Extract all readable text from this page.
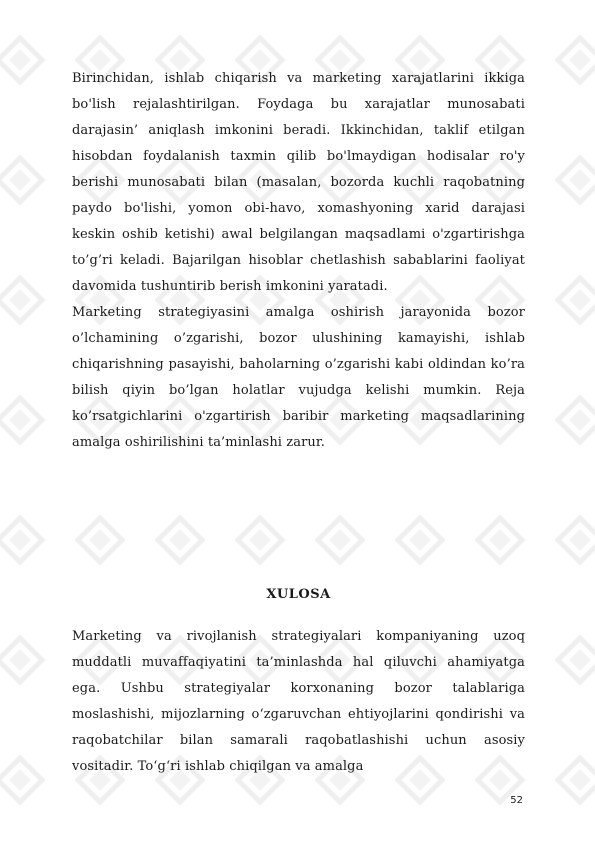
Birinchidan, ishlab chiqarish va marketing xarajatlarini ikkiga bo'lish rejalashtirilgan. Foydaga bu xarajatlar munosabati darajasin’ aniqlash imkonini beradi. Ikkinchidan, taklif etilgan hisobdan foydalanish taxmin qilib bo'lmaydigan hodisalar ro'y berishi munosabati bilan (masalan, bozorda kuchli raqobatning paydo bo'lishi, yomon obi-havo, xomashyoning xarid darajasi keskin oshib ketishi) awal belgilangan maqsadlami o'zgartirishga to’g’ri keladi. Bajarilgan hisoblar chetlashish sabablarini faoliyat davomida tushuntirib berish imkonini yaratadi.

Marketing strategiyasini amalga oshirish jarayonida bozor o’lchamining o’zgarishi, bozor ulushining kamayishi, ishlab chiqarishning pasayishi, baholarning o’zgarishi kabi oldindan ko’ra bilish qiyin bo’lgan holatlar vujudga kelishi mumkin. Reja ko’rsatgichlarini o'zgartirish baribir marketing maqsadlarining amalga oshirilishini ta’minlashi zarur.

XULOSA

Marketing va rivojlanish strategiyalari kompaniyaning uzoq muddatli muvaffaqiyatini ta’minlashda hal qiluvchi ahamiyatga ega. Ushbu strategiyalar korxonaning bozor talablariga moslashishi, mijozlarning o‘zgaruvchan ehtiyojlarini qondirishi va raqobatchilar bilan samarali raqobatlashishi uchun asosiy vositadir. To‘g‘ri ishlab chiqilgan va amalga

52
